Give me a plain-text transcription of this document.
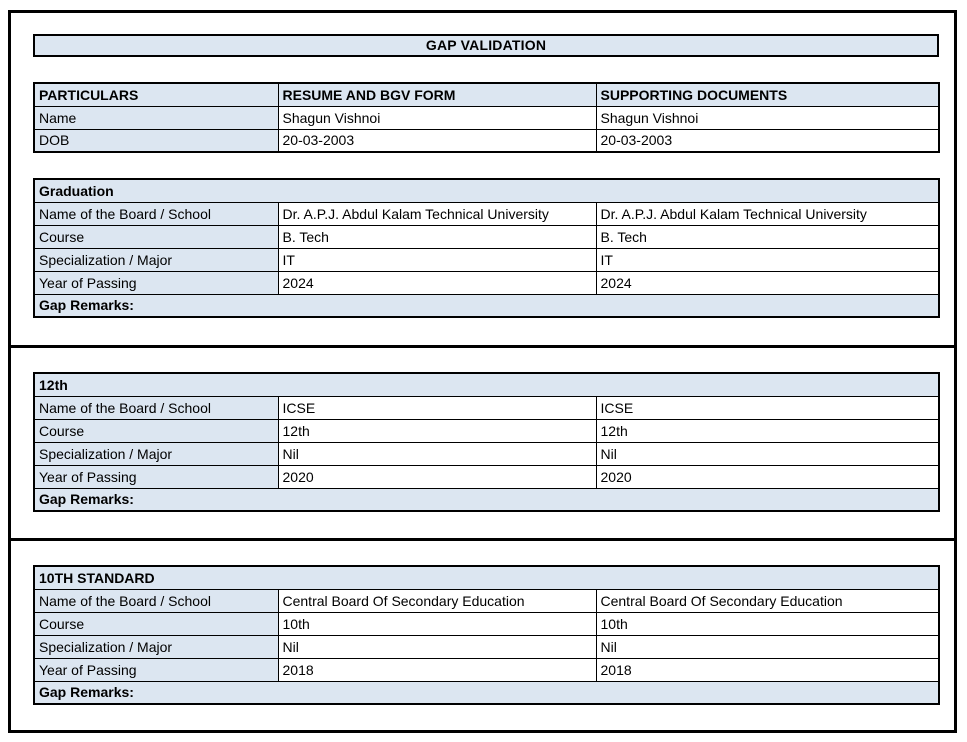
GAP VALIDATION
PARTICULARS	RESUME AND BGV FORM	SUPPORTING DOCUMENTS
Name	Shagun Vishnoi	Shagun Vishnoi
DOB	20-03-2003	20-03-2003
Graduation		
Name of the Board / School	Dr. A.P.J. Abdul Kalam Technical University	Dr. A.P.J. Abdul Kalam Technical University
Course	B. Tech	B. Tech
Specialization / Major	IT	IT
Year of Passing	2024	2024
Gap Remarks:		
12th		
Name of the Board / School	ICSE	ICSE
Course	12th	12th
Specialization / Major	Nil	Nil
Year of Passing	2020	2020
Gap Remarks:		
10TH STANDARD		
Name of the Board / School	Central Board Of Secondary Education	Central Board Of Secondary Education
Course	10th	10th
Specialization / Major	Nil	Nil
Year of Passing	2018	2018
Gap Remarks:		
